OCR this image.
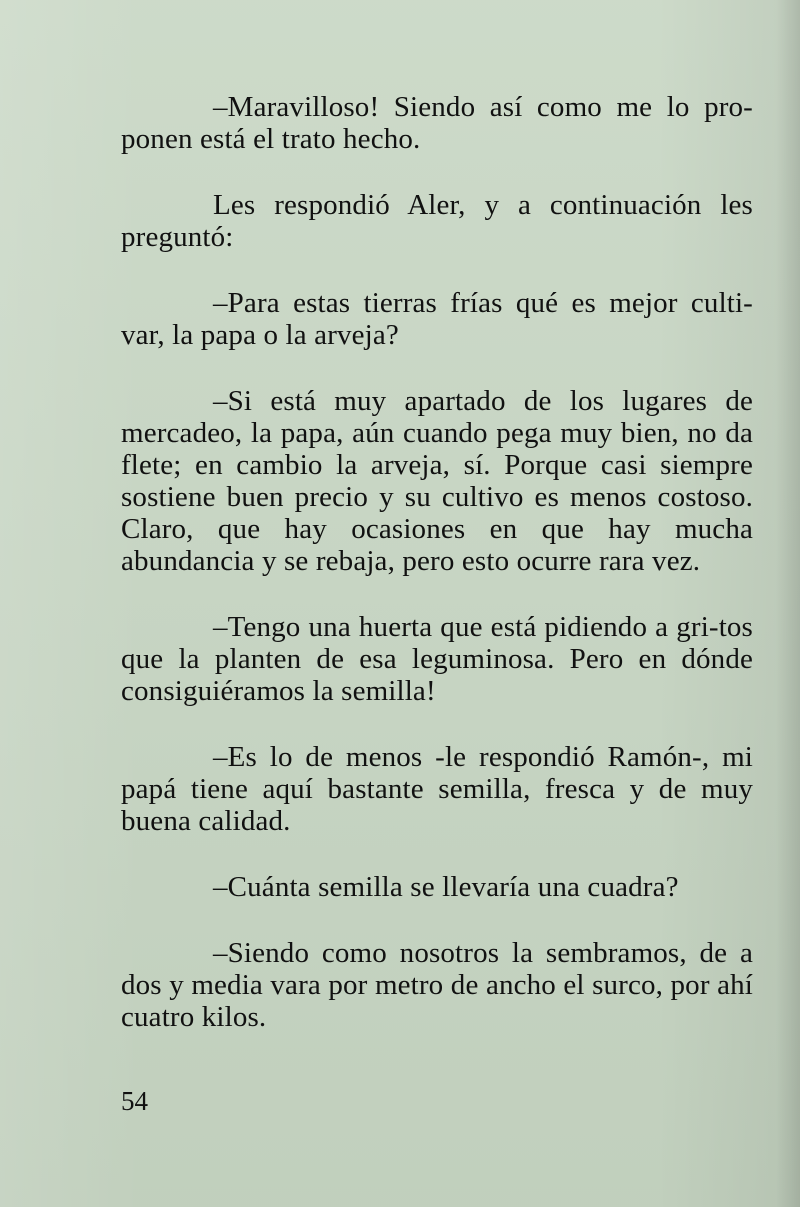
–Maravilloso! Siendo así como me lo pro-ponen está el trato hecho.

Les respondió Aler, y a continuación les preguntó:

–Para estas tierras frías qué es mejor culti-var, la papa o la arveja?

–Si está muy apartado de los lugares de mercadeo, la papa, aún cuando pega muy bien, no da flete; en cambio la arveja, sí. Porque casi siempre sostiene buen precio y su cultivo es menos costoso. Claro, que hay ocasiones en que hay mucha abundancia y se rebaja, pero esto ocurre rara vez.

–Tengo una huerta que está pidiendo a gri-tos que la planten de esa leguminosa. Pero en dónde consiguiéramos la semilla!

–Es lo de menos -le respondió Ramón-, mi papá tiene aquí bastante semilla, fresca y de muy buena calidad.

–Cuánta semilla se llevaría una cuadra?

–Siendo como nosotros la sembramos, de a dos y media vara por metro de ancho el surco, por ahí cuatro kilos.

54
